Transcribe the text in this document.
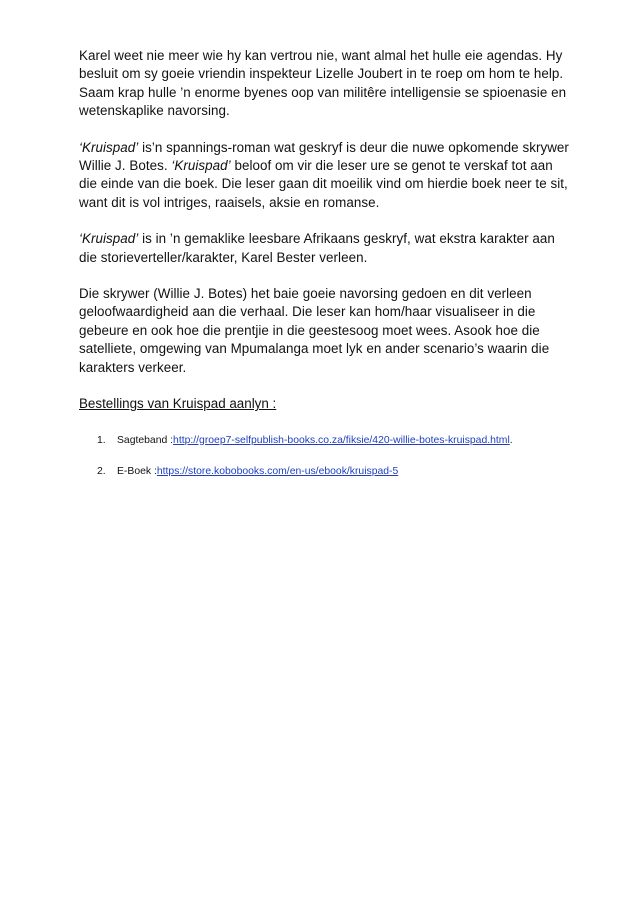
Karel weet nie meer wie hy kan vertrou nie, want almal het hulle eie agendas. Hy besluit om sy goeie vriendin inspekteur Lizelle Joubert in te roep om hom te help. Saam krap hulle ’n enorme byenes oop van militêre intelligensie se spioenasie en wetenskaplike navorsing.

‘Kruispad’ is’n spannings-roman wat geskryf is deur die nuwe opkomende skrywer Willie J. Botes. ‘Kruispad’ beloof om vir die leser ure se genot te verskaf tot aan die einde van die boek. Die leser gaan dit moeilik vind om hierdie boek neer te sit, want dit is vol intriges, raaisels, aksie en romanse.

‘Kruispad’ is in ’n gemaklike leesbare Afrikaans geskryf, wat ekstra karakter aan die storieverteller/karakter, Karel Bester verleen.

Die skrywer (Willie J. Botes) het baie goeie navorsing gedoen en dit verleen geloofwaardigheid aan die verhaal. Die leser kan hom/haar visualiseer in die gebeure en ook hoe die prentjie in die geestesoog moet wees. Asook hoe die satelliete, omgewing van Mpumalanga moet lyk en ander scenario’s waarin die karakters verkeer.

Bestellings van Kruispad aanlyn :
1.	Sagteband : http://groep7-selfpublish-books.co.za/fiksie/420-willie-botes-kruispad.html .
2.	E-Boek : https://store.kobobooks.com/en-us/ebook/kruispad-5
